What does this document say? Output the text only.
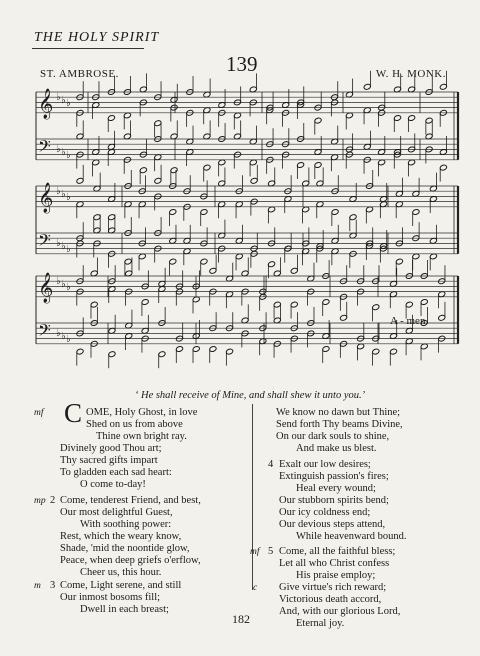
THE HOLY SPIRIT
139
ST. AMBROSE.	W. H. MONK.
𝄞 ♭ ♭ ♭
𝄢 ♭ ♭ ♭
𝄞 ♭ ♭ ♭
𝄢 ♭ ♭ ♭
𝄞 ♭ ♭ ♭
𝄢 ♭ ♭ ♭
A - men.
‘ He shall receive of Mine, and shall shew it unto you.’
mf C OME, Holy Ghost, in love
Shed on us from above
Thine own bright ray.
Divinely good Thou art;
Thy sacred gifts impart
To gladden each sad heart:
O come to-day!
mp 2 Come, tenderest Friend, and best,
Our most delightful Guest,
With soothing power:
Rest, which the weary know,
Shade, 'mid the noontide glow,
Peace, when deep griefs o'erflow,
Cheer us, this hour.
m 3 Come, Light serene, and still
Our inmost bosoms fill;
Dwell in each breast;
We know no dawn but Thine;
Send forth Thy beams Divine,
On our dark souls to shine,
And make us blest.
4 Exalt our low desires;
Extinguish passion's fires;
Heal every wound;
Our stubborn spirits bend;
Our icy coldness end;
Our devious steps attend,
While heavenward bound.
mf 5 Come, all the faithful bless;
Let all who Christ confess
His praise employ;
c Give virtue's rich reward;
Victorious death accord,
And, with our glorious Lord,
Eternal joy.
182
